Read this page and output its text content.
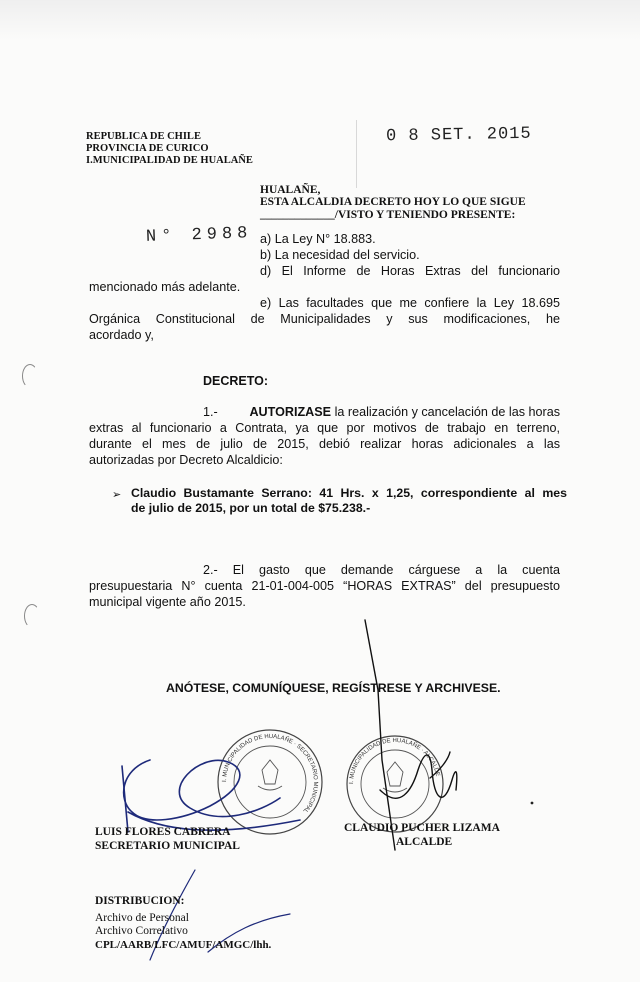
REPUBLICA DE CHILE
PROVINCIA DE CURICO
I.MUNICIPALIDAD DE HUALAÑE
0 8 SET. 2015
HUALAÑE,
ESTA ALCALDIA DECRETO HOY LO QUE SIGUE
_____________/VISTO Y TENIENDO PRESENTE:
N° 2988 a) La Ley N° 18.883.
b) La necesidad del servicio.
d) El Informe de Horas Extras del funcionario
mencionado más adelante.
e) Las facultades que me confiere la Ley 18.695
Orgánica Constitucional de Municipalidades y sus modificaciones, he
acordado y,
DECRETO:
1.-	AUTORIZASE la realización y cancelación de las horas
extras al funcionario a Contrata, ya que por motivos de trabajo en terreno,
durante el mes de julio de 2015, debió realizar horas adicionales a las
autorizadas por Decreto Alcaldicio:
➢ Claudio Bustamante Serrano: 41 Hrs. x 1,25, correspondiente al mes
de julio de 2015, por un total de $75.238.-
2.- El gasto que demande cárguese a la cuenta
presupuestaria N° cuenta 21-01-004-005 “HORAS EXTRAS” del presupuesto
municipal vigente año 2015.
ANÓTESE, COMUNÍQUESE, REGÍSTRESE Y ARCHIVESE.
I. MUNICIPALIDAD DE HUALAÑE · SECRETARIO MUNICIPAL
I. MUNICIPALIDAD DE HUALAÑE · ALCALDE
LUIS FLORES CABRERA
SECRETARIO MUNICIPAL
CLAUDIO PUCHER LIZAMA
ALCALDE
DISTRIBUCION:
Archivo de Personal
Archivo Correlativo
CPL/AARB/LFC/AMUF/AMGC/lhh.
